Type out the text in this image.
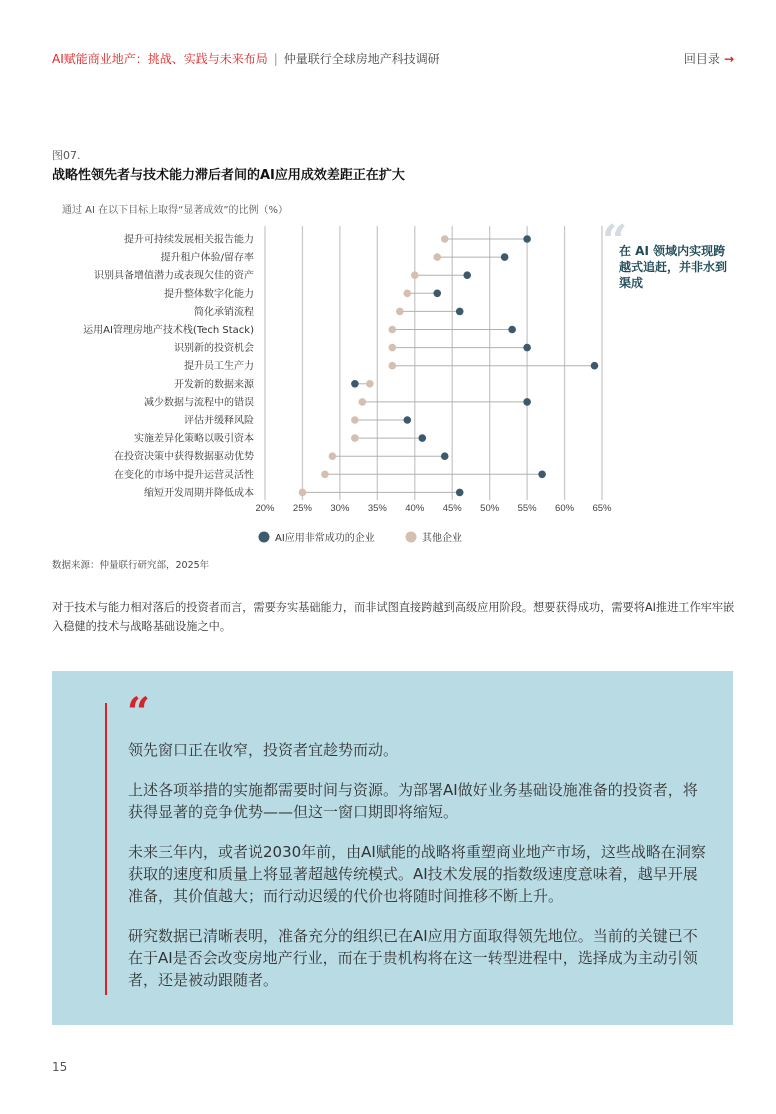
AI赋能商业地产：挑战、实践与未来布局 | 仲量联行全球房地产科技调研	回目录 →
图07.
战略性领先者与技术能力滞后者间的AI应用成效差距正在扩大
通过 AI 在以下目标上取得“显著成效”的比例（%）
提升可持续发展相关报告能力
提升租户体验/留存率
识别具备增值潜力或表现欠佳的资产
提升整体数字化能力
简化承销流程
运用AI管理房地产技术栈(Tech Stack)
识别新的投资机会
提升员工生产力
开发新的数据来源
减少数据与流程中的错误
评估并缓释风险
实施差异化策略以吸引资本
在投资决策中获得数据驱动优势
在变化的市场中提升运营灵活性
缩短开发周期并降低成本
20% 25% 30% 35% 40% 45% 50% 55% 60% 65%
AI应用非常成功的企业	其他企业
“
在 AI 领域内实现跨越式追赶，并非水到渠成
数据来源：仲量联行研究部，2025年
对于技术与能力相对落后的投资者而言，需要夯实基础能力，而非试图直接跨越到高级应用阶段。想要获得成功，需要将AI推进工作牢牢嵌入稳健的技术与战略基础设施之中。
“

领先窗口正在收窄，投资者宜趁势而动。

上述各项举措的实施都需要时间与资源。为部署AI做好业务基础设施准备的投资者，将获得显著的竞争优势——但这一窗口期即将缩短。

未来三年内，或者说2030年前，由AI赋能的战略将重塑商业地产市场，这些战略在洞察获取的速度和质量上将显著超越传统模式。AI技术发展的指数级速度意味着，越早开展准备，其价值越大；而行动迟缓的代价也将随时间推移不断上升。

研究数据已清晰表明，准备充分的组织已在AI应用方面取得领先地位。当前的关键已不在于AI是否会改变房地产行业，而在于贵机构将在这一转型进程中，选择成为主动引领者，还是被动跟随者。

15
